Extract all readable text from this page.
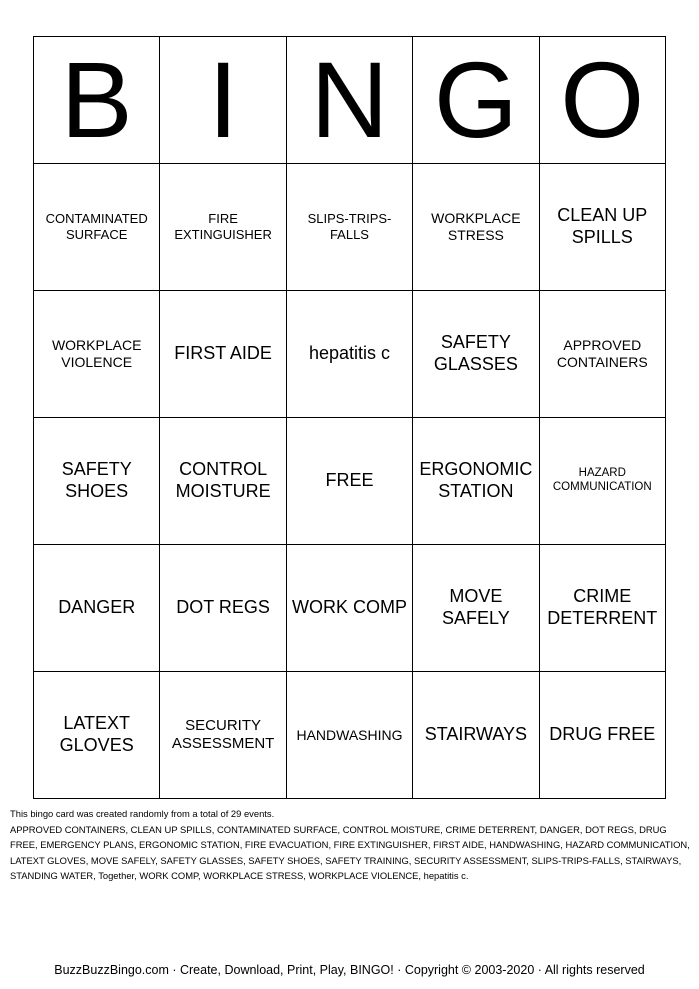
B	I	N	G	O
CONTAMINATED SURFACE	FIRE EXTINGUISHER	SLIPS-TRIPS-FALLS	WORKPLACE STRESS	CLEAN UP SPILLS
WORKPLACE VIOLENCE	FIRST AIDE	hepatitis c	SAFETY GLASSES	APPROVED CONTAINERS
SAFETY SHOES	CONTROL MOISTURE	FREE	ERGONOMIC STATION	HAZARD COMMUNICATION
DANGER	DOT REGS	WORK COMP	MOVE SAFELY	CRIME DETERRENT
LATEXT GLOVES	SECURITY ASSESSMENT	HANDWASHING	STAIRWAYS	DRUG FREE
This bingo card was created randomly from a total of 29 events.
APPROVED CONTAINERS, CLEAN UP SPILLS, CONTAMINATED SURFACE, CONTROL MOISTURE, CRIME DETERRENT, DANGER, DOT REGS, DRUG FREE, EMERGENCY PLANS, ERGONOMIC STATION, FIRE EVACUATION, FIRE EXTINGUISHER, FIRST AIDE, HANDWASHING, HAZARD COMMUNICATION, LATEXT GLOVES, MOVE SAFELY, SAFETY GLASSES, SAFETY SHOES, SAFETY TRAINING, SECURITY ASSESSMENT, SLIPS-TRIPS-FALLS, STAIRWAYS, STANDING WATER, Together, WORK COMP, WORKPLACE STRESS, WORKPLACE VIOLENCE, hepatitis c.
BuzzBuzzBingo.com · Create, Download, Print, Play, BINGO! · Copyright © 2003-2020 · All rights reserved
